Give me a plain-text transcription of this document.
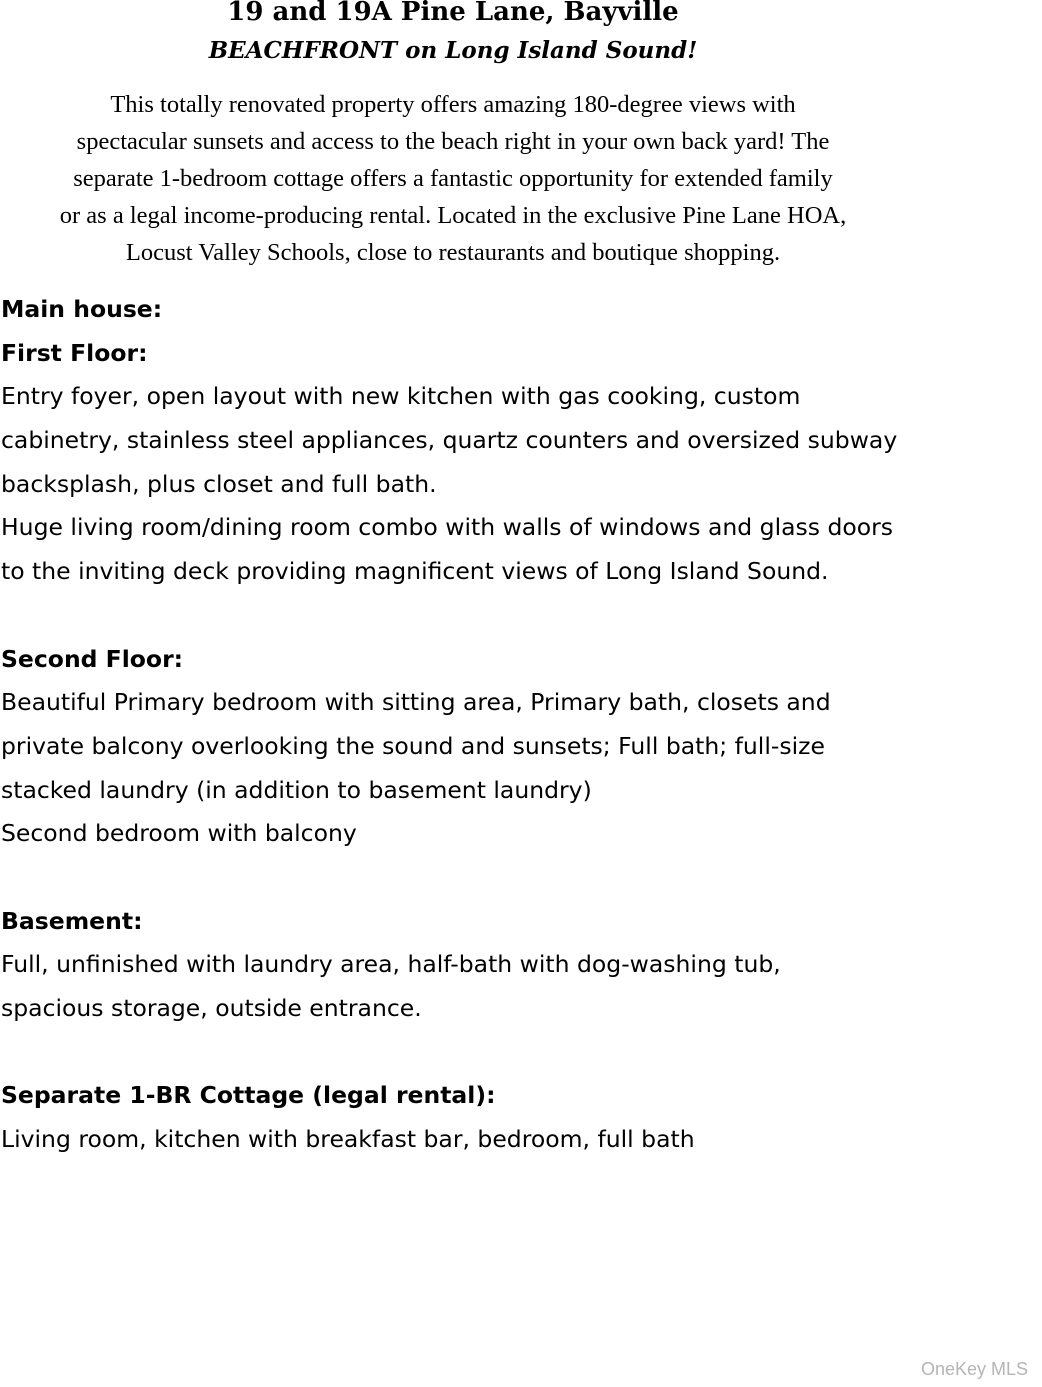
19 and 19A Pine Lane, Bayville
BEACHFRONT on Long Island Sound!

This totally renovated property offers amazing 180-degree views with
spectacular sunsets and access to the beach right in your own back yard! The
separate 1-bedroom cottage offers a fantastic opportunity for extended family
or as a legal income-producing rental. Located in the exclusive Pine Lane HOA,
Locust Valley Schools, close to restaurants and boutique shopping.

Main house:
First Floor:
Entry foyer, open layout with new kitchen with gas cooking, custom
cabinetry, stainless steel appliances, quartz counters and oversized subway
backsplash, plus closet and full bath.
Huge living room/dining room combo with walls of windows and glass doors
to the inviting deck providing magnificent views of Long Island Sound.
Second Floor:
Beautiful Primary bedroom with sitting area, Primary bath, closets and
private balcony overlooking the sound and sunsets; Full bath; full-size
stacked laundry (in addition to basement laundry)
Second bedroom with balcony
Basement:
Full, unfinished with laundry area, half-bath with dog-washing tub,
spacious storage, outside entrance.
Separate 1-BR Cottage (legal rental):
Living room, kitchen with breakfast bar, bedroom, full bath
OneKey MLS
